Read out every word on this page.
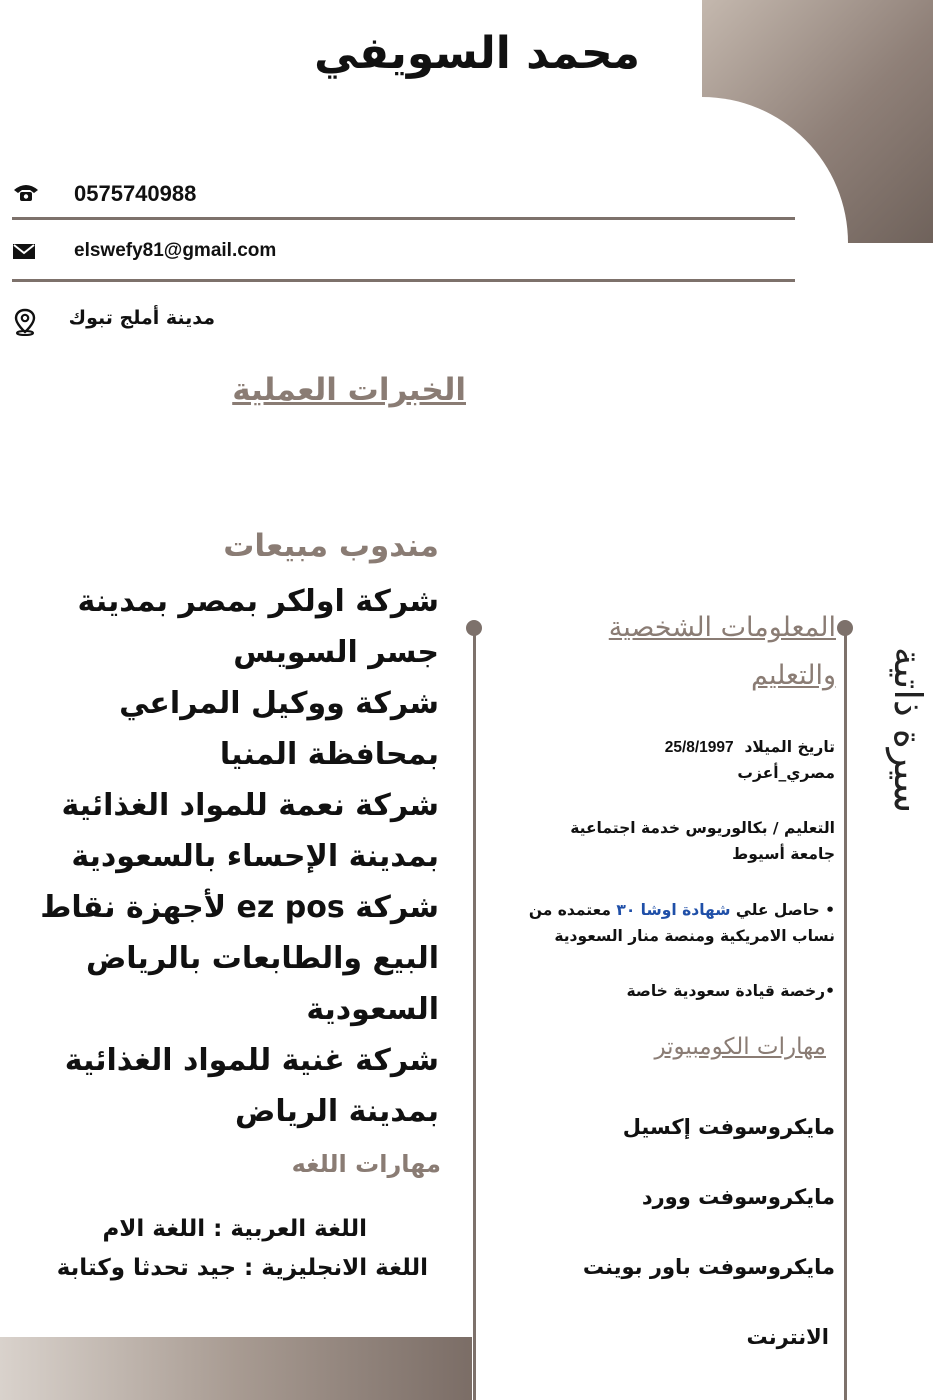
محمد السويفي
0575740988
elswefy81@gmail.com
مدينة أملج تبوك
الخبرات العملية
مندوب مبيعات
شركة اولكر بمصر بمدينة
جسر السويس
شركة ووكيل المراعي
بمحافظة المنيا
شركة نعمة للمواد الغذائية
بمدينة الإحساء بالسعودية
شركة ez pos لأجهزة نقاط
البيع والطابعات بالرياض
السعودية
شركة غنية للمواد الغذائية
بمدينة الرياض
مهارات اللغه
اللغة العربية : اللغة الام
اللغة الانجليزية : جيد تحدثا وكتابة
سيرة ذاتية
المعلومات الشخصية
والتعليم
تاريخ الميلاد  25/8/1997
مصري_أعزب
التعليم / بكالوريوس خدمة اجتماعية
جامعة أسيوط
• حاصل علي شهادة اوشا ٣٠ معتمده من
نساب الامريكية ومنصة منار السعودية
•رخصة قيادة سعودية خاصة
مهارات الكومبيوتر
مايكروسوفت إكسيل
مايكروسوفت وورد
مايكروسوفت باور بوينت
الانترنت
